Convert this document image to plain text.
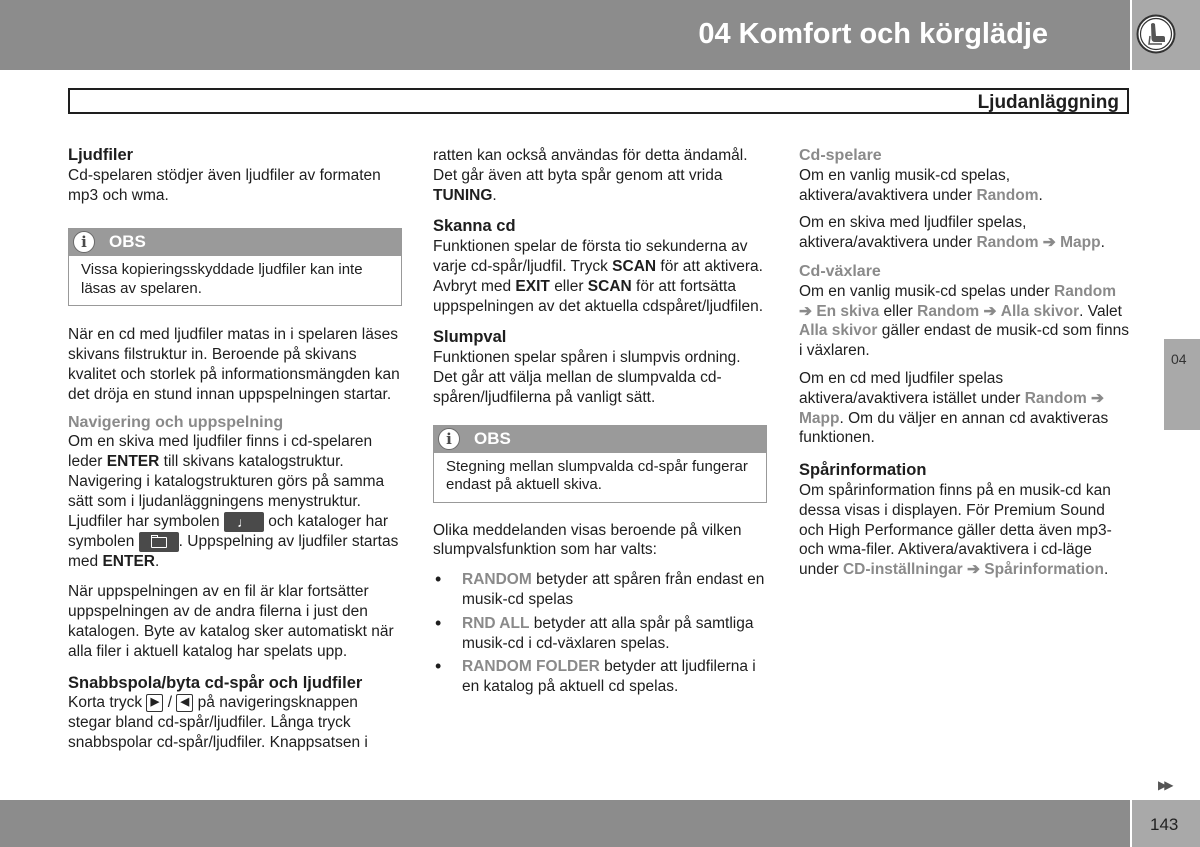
04 Komfort och körglädje
Ljudanläggning

Ljudfiler

Cd-spelaren stödjer även ljudfiler av formaten mp3 och wma.

i	OBS
Vissa kopieringsskyddade ljudfiler kan inte läsas av spelaren.

När en cd med ljudfiler matas in i spelaren läses skivans filstruktur in. Beroende på skivans kvalitet och storlek på informationsmängden kan det dröja en stund innan uppspelningen startar.

Navigering och uppspelning

Om en skiva med ljudfiler finns i cd-spelaren leder ENTER till skivans katalogstruktur. Navigering i katalogstrukturen görs på samma sätt som i ljudanläggningens menystruktur. Ljudfiler har symbolen ♩ och kataloger har symbolen	. Uppspelning av ljudfiler startas med ENTER.

När uppspelningen av en fil är klar fortsätter uppspelningen av de andra filerna i just den katalogen. Byte av katalog sker automatiskt när alla filer i aktuell katalog har spelats upp.

Snabbspola/byta cd-spår och ljudfiler

Korta tryck ▶ / ◀ på navigeringsknappen stegar bland cd-spår/ljudfiler. Långa tryck snabbspolar cd-spår/ljudfiler. Knappsatsen i

ratten kan också användas för detta ändamål. Det går även att byta spår genom att vrida TUNING.

Skanna cd

Funktionen spelar de första tio sekunderna av varje cd-spår/ljudfil. Tryck SCAN för att aktivera. Avbryt med EXIT eller SCAN för att fortsätta uppspelningen av det aktuella cdspåret/ljudfilen.

Slumpval

Funktionen spelar spåren i slumpvis ordning. Det går att välja mellan de slumpvalda cd-spåren/ljudfilerna på vanligt sätt.

i	OBS
Stegning mellan slumpvalda cd-spår fungerar endast på aktuell skiva.

Olika meddelanden visas beroende på vilken slumpvalsfunktion som har valts:

• RANDOM betyder att spåren från endast en musik-cd spelas
• RND ALL betyder att alla spår på samtliga musik-cd i cd-växlaren spelas.
• RANDOM FOLDER betyder att ljudfilerna i en katalog på aktuell cd spelas.

Cd-spelare

Om en vanlig musik-cd spelas, aktivera/avaktivera under Random.

Om en skiva med ljudfiler spelas, aktivera/avaktivera under Random ➔ Mapp.

Cd-växlare

Om en vanlig musik-cd spelas under Random ➔ En skiva eller Random ➔ Alla skivor. Valet Alla skivor gäller endast de musik-cd som finns i växlaren.

Om en cd med ljudfiler spelas aktivera/avaktivera istället under Random ➔ Mapp. Om du väljer en annan cd avaktiveras funktionen.

Spårinformation

Om spårinformation finns på en musik-cd kan dessa visas i displayen. För Premium Sound och High Performance gäller detta även mp3- och wma-filer. Aktivera/avaktivera i cd-läge under CD-inställningar ➔ Spårinformation.

04
▶▶
143
